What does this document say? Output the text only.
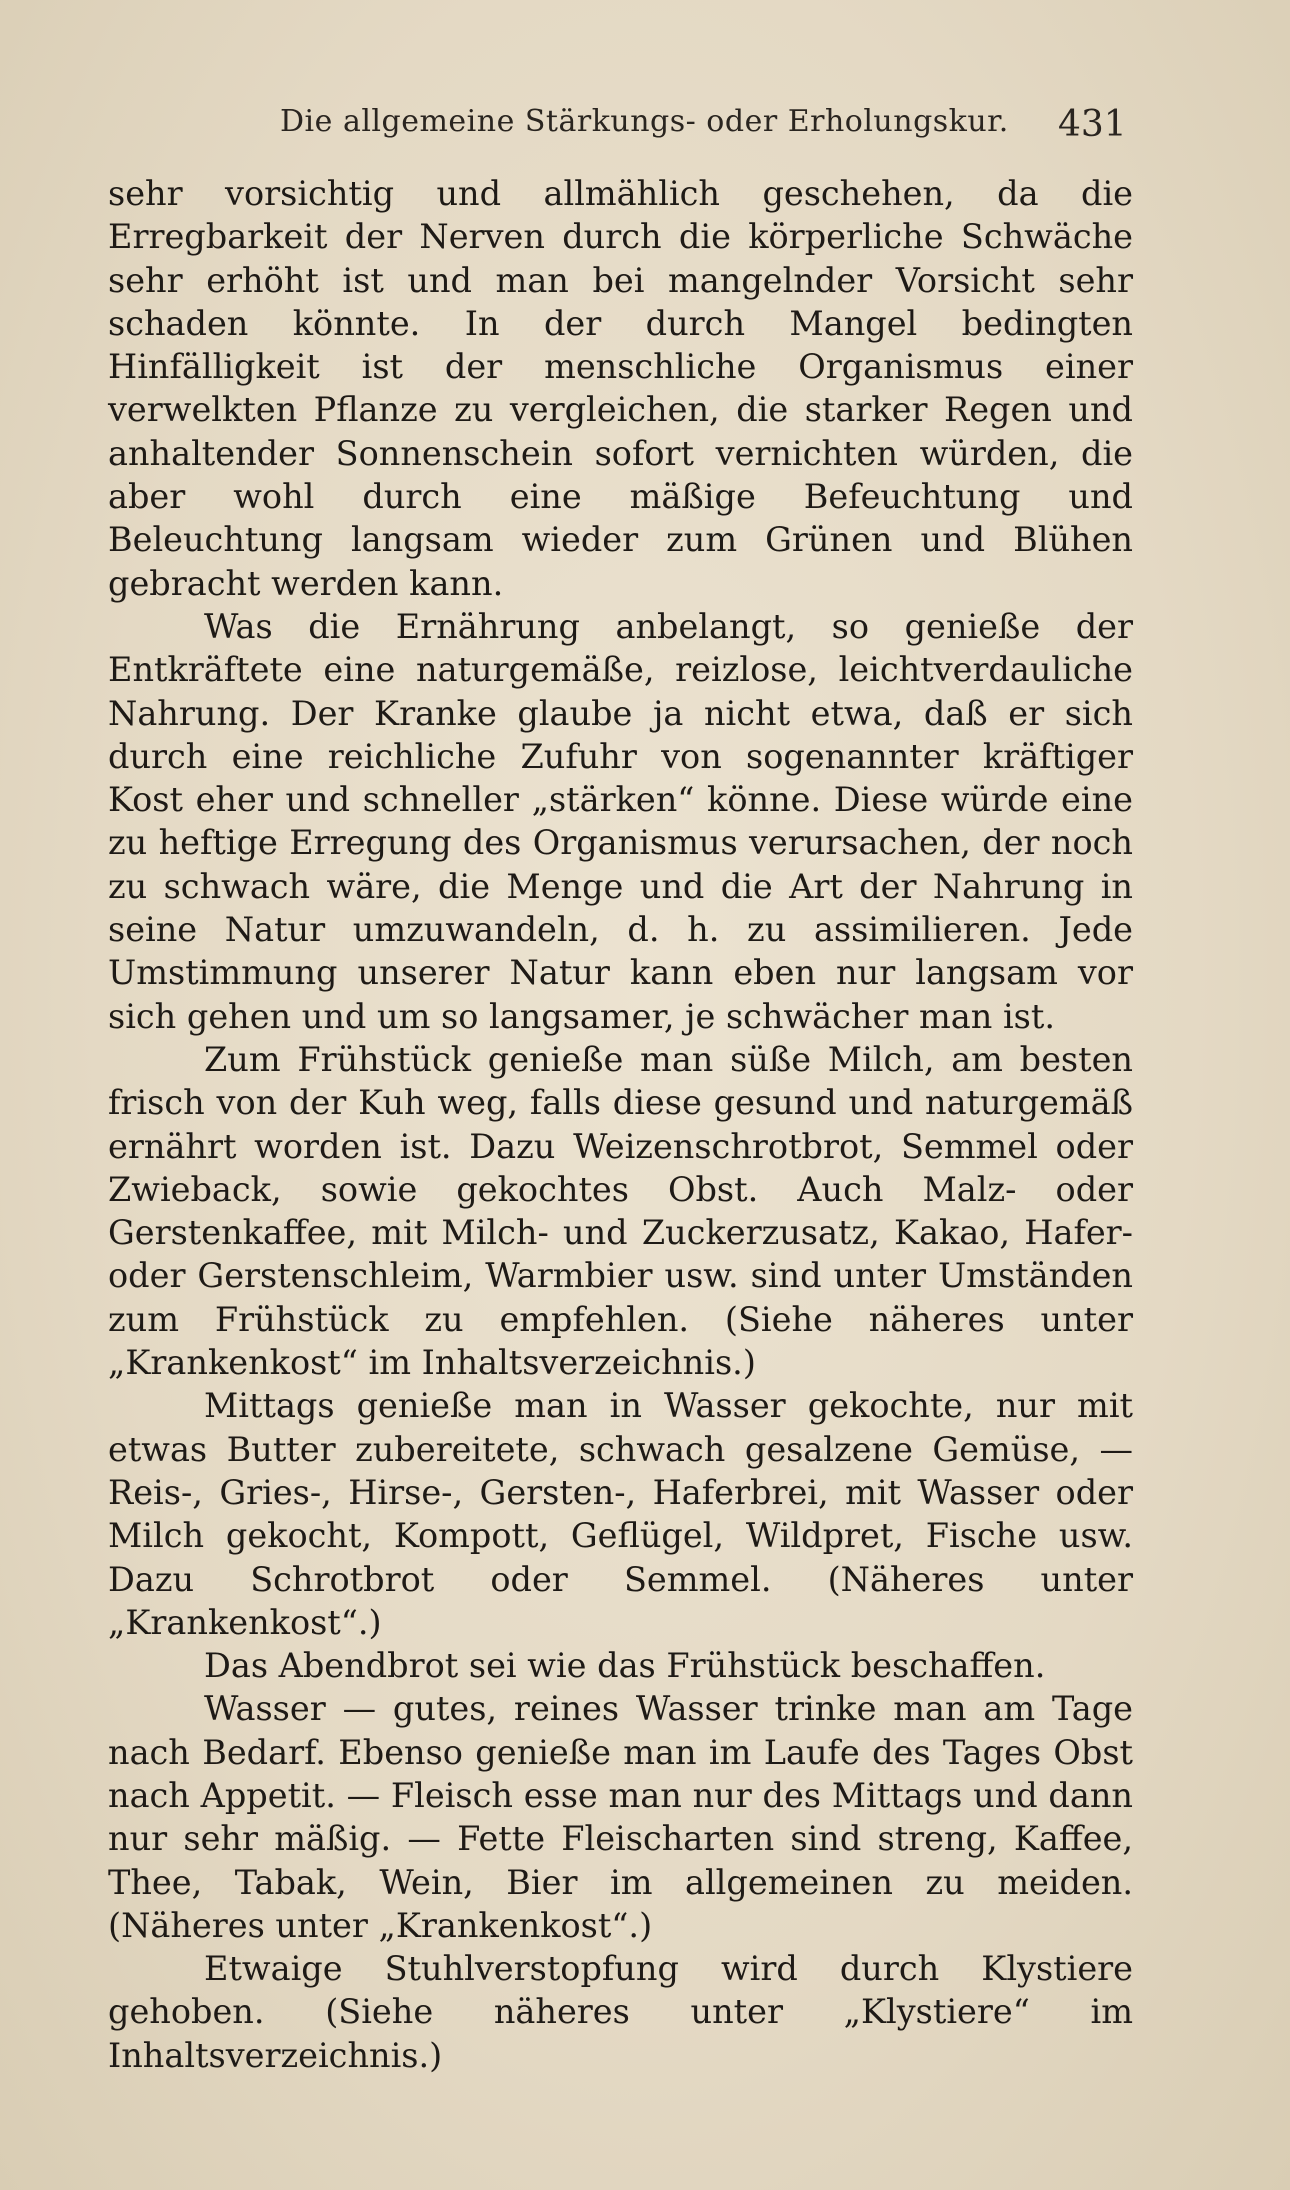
Die allgemeine Stärkungs- oder Erholungskur.	431

sehr vorsichtig und allmählich geschehen, da die Erregbarkeit der Nerven durch die körperliche Schwäche sehr erhöht ist und man bei mangelnder Vorsicht sehr schaden könnte. In der durch Mangel bedingten Hinfälligkeit ist der menschliche Organismus einer verwelkten Pflanze zu vergleichen, die starker Regen und anhaltender Sonnenschein sofort vernichten würden, die aber wohl durch eine mäßige Befeuchtung und Beleuchtung langsam wieder zum Grünen und Blühen gebracht werden kann.

Was die Ernährung anbelangt, so genieße der Entkräftete eine naturgemäße, reizlose, leichtverdauliche Nahrung. Der Kranke glaube ja nicht etwa, daß er sich durch eine reichliche Zufuhr von sogenannter kräftiger Kost eher und schneller „stärken“ könne. Diese würde eine zu heftige Erregung des Organismus verursachen, der noch zu schwach wäre, die Menge und die Art der Nahrung in seine Natur umzuwandeln, d. h. zu assimilieren. Jede Umstimmung unserer Natur kann eben nur langsam vor sich gehen und um so langsamer, je schwächer man ist.

Zum Frühstück genieße man süße Milch, am besten frisch von der Kuh weg, falls diese gesund und naturgemäß ernährt worden ist. Dazu Weizenschrotbrot, Semmel oder Zwieback, sowie gekochtes Obst. Auch Malz- oder Gerstenkaffee, mit Milch- und Zuckerzusatz, Kakao, Hafer- oder Gerstenschleim, Warmbier usw. sind unter Umständen zum Frühstück zu empfehlen. (Siehe näheres unter „Krankenkost“ im Inhaltsverzeichnis.)

Mittags genieße man in Wasser gekochte, nur mit etwas Butter zubereitete, schwach gesalzene Gemüse, — Reis-, Gries-, Hirse-, Gersten-, Haferbrei, mit Wasser oder Milch gekocht, Kompott, Geflügel, Wildpret, Fische usw. Dazu Schrotbrot oder Semmel. (Näheres unter „Krankenkost“.)

Das Abendbrot sei wie das Frühstück beschaffen.

Wasser — gutes, reines Wasser trinke man am Tage nach Bedarf. Ebenso genieße man im Laufe des Tages Obst nach Appetit. — Fleisch esse man nur des Mittags und dann nur sehr mäßig. — Fette Fleischarten sind streng, Kaffee, Thee, Tabak, Wein, Bier im allgemeinen zu meiden. (Näheres unter „Krankenkost“.)

Etwaige Stuhlverstopfung wird durch Klystiere gehoben. (Siehe näheres unter „Klystiere“ im Inhaltsverzeichnis.)
